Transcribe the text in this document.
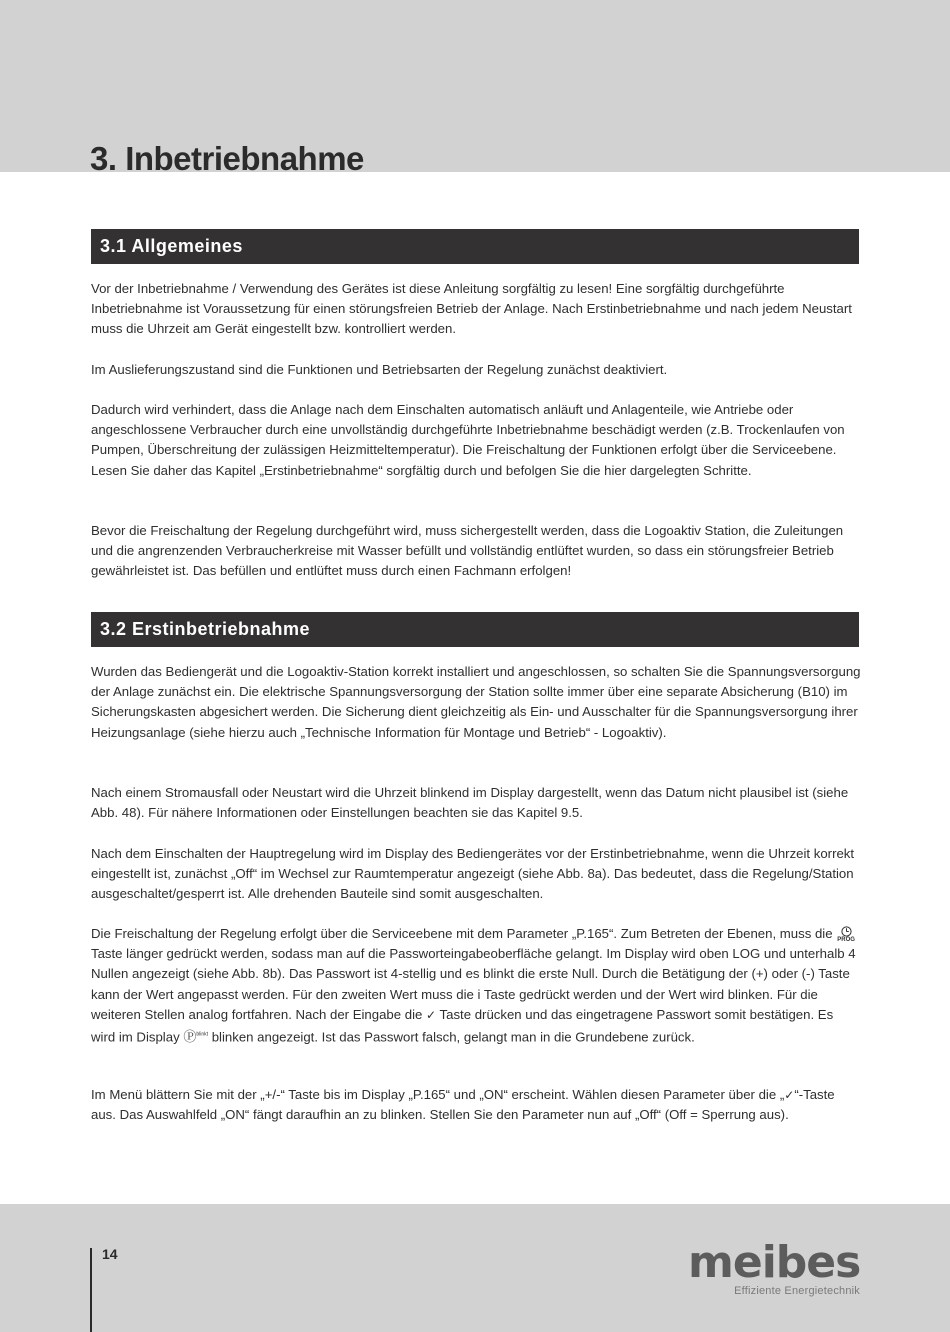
3. Inbetriebnahme
3.1 Allgemeines

Vor der Inbetriebnahme / Verwendung des Gerätes ist diese Anleitung sorgfältig zu lesen! Eine sorgfältig durchgeführte Inbetriebnahme ist Voraussetzung für einen störungsfreien Betrieb der Anlage. Nach Erstinbetriebnahme und nach jedem Neustart muss die Uhrzeit am Gerät eingestellt bzw. kontrolliert werden.

Im Auslieferungszustand sind die Funktionen und Betriebsarten der Regelung zunächst deaktiviert.

Dadurch wird verhindert, dass die Anlage nach dem Einschalten automatisch anläuft und Anlagenteile, wie Antriebe oder angeschlossene Verbraucher durch eine unvollständig durchgeführte Inbetriebnahme beschädigt werden (z.B. Trockenlaufen von Pumpen, Überschreitung der zulässigen Heizmitteltemperatur). Die Freischaltung der Funktionen erfolgt über die Serviceebene. Lesen Sie daher das Kapitel „Erstinbetriebnahme“ sorgfältig durch und befolgen Sie die hier dargelegten Schritte.

Bevor die Freischaltung der Regelung durchgeführt wird, muss sichergestellt werden, dass die Logoaktiv Station, die Zuleitungen und die angrenzenden Verbraucherkreise mit Wasser befüllt und vollständig entlüftet wurden, so dass ein störungsfreier Betrieb gewährleistet ist. Das befüllen und entlüftet muss durch einen Fachmann erfolgen!

3.2 Erstinbetriebnahme

Wurden das Bediengerät und die Logoaktiv-Station korrekt installiert und angeschlossen, so schalten Sie die Spannungsversorgung der Anlage zunächst ein. Die elektrische Spannungsversorgung der Station sollte immer über eine separate Absicherung (B10) im Sicherungskasten abgesichert werden. Die Sicherung dient gleichzeitig als Ein- und Ausschalter für die Spannungsversorgung ihrer Heizungsanlage (siehe hierzu auch „Technische Information für Montage und Betrieb“ - Logoaktiv).

Nach einem Stromausfall oder Neustart wird die Uhrzeit blinkend im Display dargestellt, wenn das Datum nicht plausibel ist (siehe Abb. 48). Für nähere Informationen oder Einstellungen beachten sie das Kapitel 9.5.

Nach dem Einschalten der Hauptregelung wird im Display des Bediengerätes vor der Erstinbetriebnahme, wenn die Uhrzeit korrekt eingestellt ist, zunächst „Off“ im Wechsel zur Raumtemperatur angezeigt (siehe Abb. 8a). Das bedeutet, dass die Regelung/Station ausgeschaltet/gesperrt ist. Alle drehenden Bauteile sind somit ausgeschalten.

Die Freischaltung der Regelung erfolgt über die Serviceebene mit dem Parameter „P.165“. Zum Betreten der Ebenen, muss die PROG
Taste länger gedrückt werden, sodass man auf die Passworteingabeoberfläche gelangt. Im Display wird oben LOG und unterhalb 4 Nullen angezeigt (siehe Abb. 8b). Das Passwort ist 4-stellig und es blinkt die erste Null. Durch die Betätigung der (+) oder (-) Taste kann der Wert angepasst werden. Für den zweiten Wert muss die i Taste gedrückt werden und der Wert wird blinken. Für die weiteren Stellen analog fortfahren. Nach der Eingabe die ✓ Taste drücken und das eingetragene Passwort somit bestätigen. Es wird im Display Ⓟ$^{blinkt}$ blinken angezeigt. Ist das Passwort falsch, gelangt man in die Grundebene zurück.

Im Menü blättern Sie mit der „+/-“ Taste bis im Display „P.165“ und „ON“ erscheint. Wählen diesen Parameter über die „✓“-Taste aus. Das Auswahlfeld „ON“ fängt daraufhin an zu blinken. Stellen Sie den Parameter nun auf „Off“ (Off = Sperrung aus).

14	meibes
Effiziente Energietechnik
